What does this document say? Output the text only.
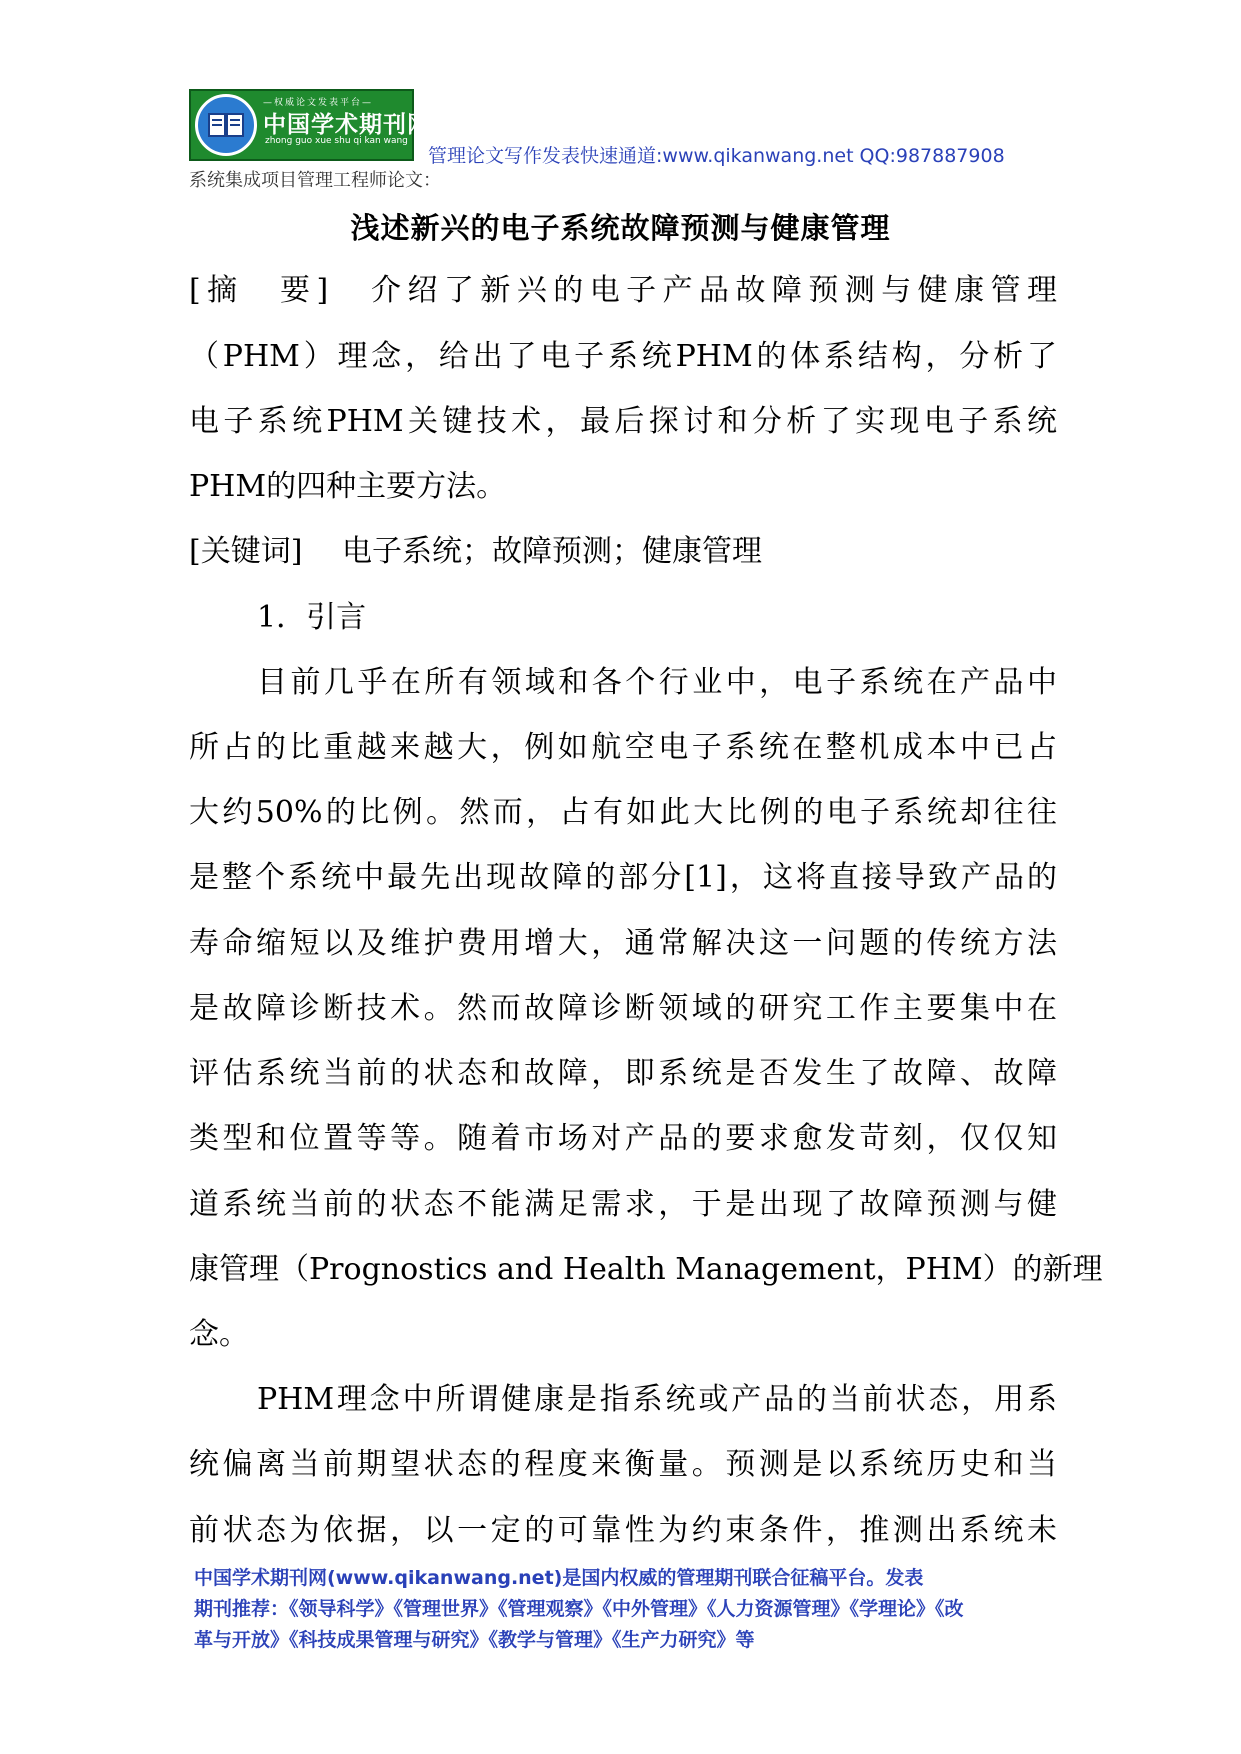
—权威论文发表平台—
中国学术期刊网
zhong guo xue shu qi kan wang
管理论文写作发表快速通道:www.qikanwang.net QQ:987887908
系统集成项目管理工程师论文：
浅述新兴的电子系统故障预测与健康管理
[摘　要]　介绍了新兴的电子产品故障预测与健康管理
（PHM）理念，给出了电子系统PHM的体系结构，分析了
电子系统PHM关键技术，最后探讨和分析了实现电子系统
PHM的四种主要方法。
[关键词]　 电子系统；故障预测；健康管理
1．引言
目前几乎在所有领域和各个行业中，电子系统在产品中
所占的比重越来越大，例如航空电子系统在整机成本中已占
大约50%的比例。然而，占有如此大比例的电子系统却往往
是整个系统中最先出现故障的部分[1]，这将直接导致产品的
寿命缩短以及维护费用增大，通常解决这一问题的传统方法
是故障诊断技术。然而故障诊断领域的研究工作主要集中在
评估系统当前的状态和故障，即系统是否发生了故障、故障
类型和位置等等。随着市场对产品的要求愈发苛刻，仅仅知
道系统当前的状态不能满足需求，于是出现了故障预测与健
康管理（Prognostics and Health Management，PHM）的新理
念。
PHM理念中所谓健康是指系统或产品的当前状态，用系
统偏离当前期望状态的程度来衡量。预测是以系统历史和当
前状态为依据，以一定的可靠性为约束条件，推测出系统未
中国学术期刊网(www.qikanwang.net)是国内权威的管理期刊联合征稿平台。发表
期刊推荐：《领导科学》《管理世界》《管理观察》《中外管理》《人力资源管理》《学理论》《改
革与开放》《科技成果管理与研究》《教学与管理》《生产力研究》等
